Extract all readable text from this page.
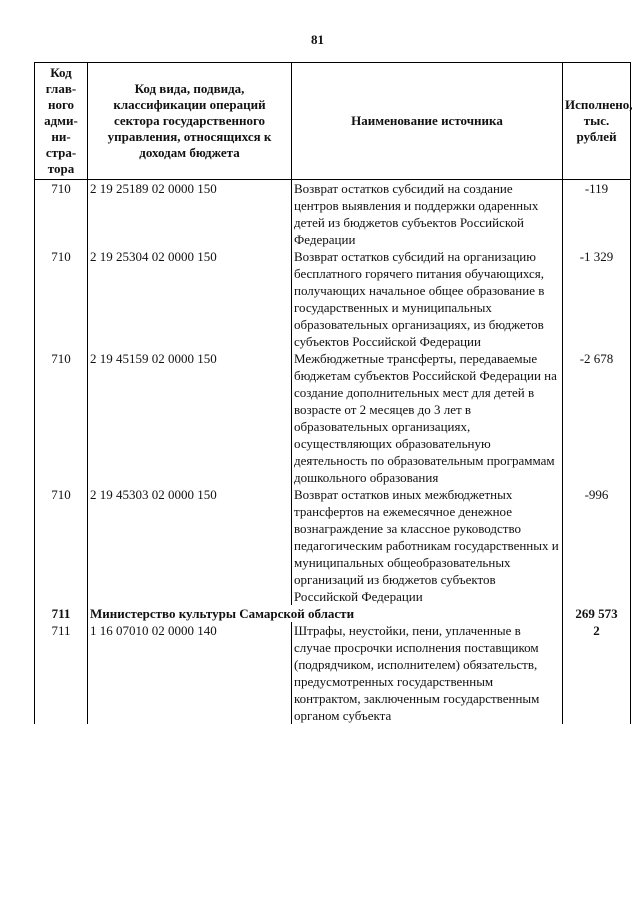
81
Код глав-ного адми-ни-стра-тора	Код вида, подвида, классификации операций сектора государственного управления, относящихся к доходам бюджета	Наименование источника	Исполнено, тыс. рублей
710	2 19 25189 02 0000 150	Возврат остатков субсидий на создание центров выявления и поддержки одаренных детей из бюджетов субъектов Российской Федерации	-119
710	2 19 25304 02 0000 150	Возврат остатков субсидий на организацию бесплатного горячего питания обучающихся, получающих начальное общее образование в государственных и муниципальных образовательных организациях, из бюджетов субъектов Российской Федерации	-1 329
710	2 19 45159 02 0000 150	Межбюджетные трансферты, передаваемые бюджетам субъектов Российской Федерации на создание дополнительных мест для детей в возрасте от 2 месяцев до 3 лет в образовательных организациях, осуществляющих образовательную деятельность по образовательным программам дошкольного образования	-2 678
710	2 19 45303 02 0000 150	Возврат остатков иных межбюджетных трансфертов на ежемесячное денежное вознаграждение за классное руководство педагогическим работникам государственных и муниципальных общеобразовательных организаций из бюджетов субъектов Российской Федерации	-996
711	Министерство культуры Самарской области		269 573
711	1 16 07010 02 0000 140	Штрафы, неустойки, пени, уплаченные в случае просрочки исполнения поставщиком (подрядчиком, исполнителем) обязательств, предусмотренных государственным контрактом, заключенным государственным органом субъекта	2
